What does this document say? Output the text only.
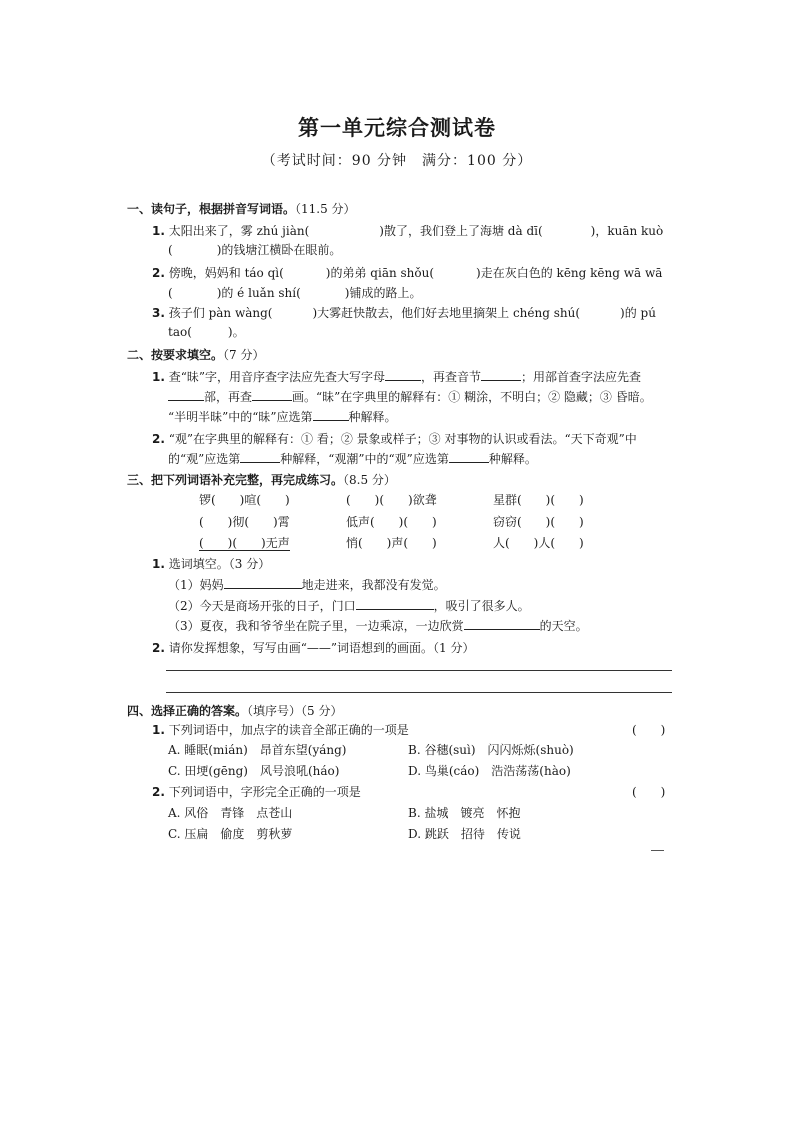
第一单元综合测试卷
（考试时间：90 分钟　满分：100 分）
一、读句子，根据拼音写词语。（11.5 分）
1. 太阳出来了，雾 zhú jiàn(	)散了，我们登上了海塘 dà dī(	)，kuān kuò
(	)的钱塘江横卧在眼前。
2. 傍晚，妈妈和 táo qì(	)的弟弟 qiān shǒu(	)走在灰白色的 kēng kēng wā wā
(	)的 é luǎn shí(	)铺成的路上。
3. 孩子们 pàn wàng(	)大雾赶快散去，他们好去地里摘架上 chéng shú(	)的 pú
tao(	)。
二、按要求填空。（7 分）
1. 查“昧”字，用音序查字法应先查大写字母	，再查音节	；用部首查字法应先查
部，再查	画。“昧”在字典里的解释有：① 糊涂，不明白；② 隐藏；③ 昏暗。
“半明半昧”中的“昧”应选第	种解释。
2. “观”在字典里的解释有：① 看；② 景象或样子；③ 对事物的认识或看法。“天下奇观”中
的“观”应选第	种解释，“观潮”中的“观”应选第	种解释。
三、把下列词语补充完整，再完成练习。（8.5 分）
锣(　　)喧(　　)	(　　)(　　)欲聋	星群(　　)(　　)
(　　)彻(　　)霄	低声(　　)(　　)	窃窃(　　)(　　)
(　　)(　　)无声	悄(　　)声(　　)	人(　　)人(　　)
1. 选词填空。（3 分）
（1）妈妈	地走进来，我都没有发觉。
（2）今天是商场开张的日子，门口	，吸引了很多人。
（3）夏夜，我和爷爷坐在院子里，一边乘凉，一边欣赏	的天空。
2. 请你发挥想象，写写由画“——”词语想到的画面。（1 分）
四、选择正确的答案。（填序号）（5 分）
1. 下列词语中，加点字的读音全部正确的一项是	(　　)
A. 睡眠(mián)　昂首东望(yáng)	B. 谷穗(suì)　闪闪烁烁(shuò)
C. 田埂(gēng)　风号浪吼(háo)	D. 鸟巢(cáo)　浩浩荡荡(hào)
2. 下列词语中，字形完全正确的一项是	(　　)
A. 风俗　青锋　点苍山	B. 盐城　镀亮　怀抱
C. 压扁　偷度　剪秋萝	D. 跳跃　招待　传说
